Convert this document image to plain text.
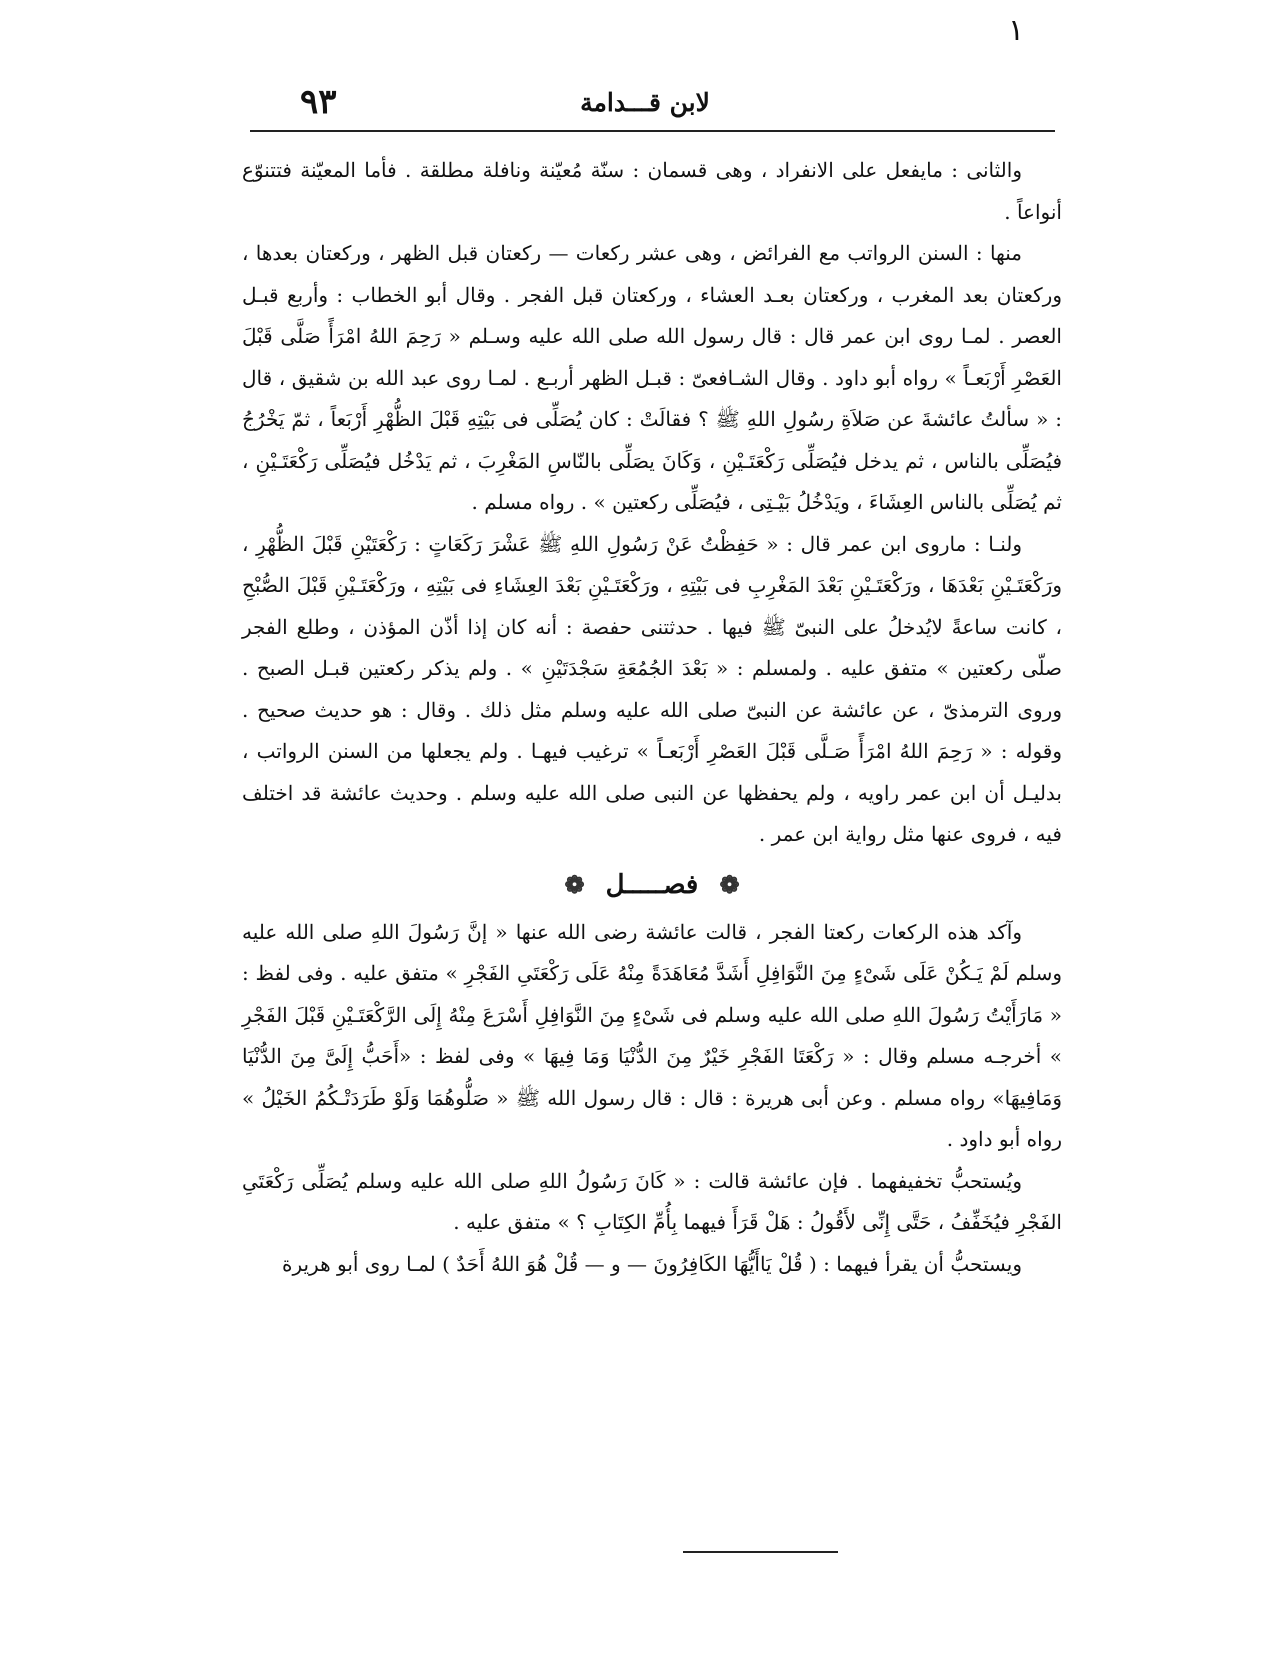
١
٩٣	لابن قـــدامة

والثانى : مايفعل على الانفراد ، وهى قسمان : سنّة مُعيّنة ونافلة مطلقة . فأما المعيّنة فتتنوّع أنواعاً .

منها : السنن الرواتب مع الفرائض ، وهى عشر ركعات — ركعتان قبل الظهر ، وركعتان بعدها ، وركعتان بعد المغرب ، وركعتان بعـد العشاء ، وركعتان قبل الفجر . وقال أبو الخطاب : وأربع قبـل العصر . لمـا روى ابن عمر قال : قال رسول الله صلى الله عليه وسـلم « رَحِمَ اللهُ امْرَأً صَلَّى قَبْلَ العَصْرِ أَرْبَعـاً » رواه أبو داود . وقال الشـافعىّ : قبـل الظهر أربـع . لمـا روى عبد الله بن شقيق ، قال : « سألتُ عائشةَ عن صَلاَةِ رسُولِ اللهِ ﷺ ؟ فقالَتْ : كان يُصَلِّى فى بَيْتِهِ قَبْلَ الظُّهْرِ أَرْبَعاً ، ثمّ يَخْرُجُ فيُصَلِّى بالناس ، ثم يدخل فيُصَلِّى رَكْعَتَـيْنِ ، وَكَانَ يصَلِّى بالنّاسِ المَغْرِبَ ، ثم يَدْخُل فيُصَلِّى رَكْعَتَـيْنِ ، ثم يُصَلِّى بالناس العِشَاءَ ، ويَدْخُلُ بَيْـتِى ، فيُصَلِّى ركعتين » . رواه مسلم .

ولنـا : ماروى ابن عمر قال : « حَفِظْتُ عَنْ رَسُولِ اللهِ ﷺ عَشْرَ رَكَعَاتٍ : رَكْعَتَيْنِ قَبْلَ الظُّهْرِ ، ورَكْعَتَـيْنِ بَعْدَهَا ، ورَكْعَتَـيْنِ بَعْدَ المَغْرِبِ فى بَيْتِهِ ، ورَكْعَتَـيْنِ بَعْدَ العِشَاءِ فى بَيْتِهِ ، ورَكْعَتَـيْنِ قَبْلَ الصُّبْحِ ، كانت ساعةً لايُدخلُ على النبىّ ﷺ فيها . حدثتنى حفصة : أنه كان إذا أذّن المؤذن ، وطلع الفجر صلّى ركعتين » متفق عليه . ولمسلم : « بَعْدَ الجُمُعَةِ سَجْدَتَيْنِ » . ولم يذكر ركعتين قبـل الصبح . وروى الترمذىّ ، عن عائشة عن النبىّ صلى الله عليه وسلم مثل ذلك . وقال : هو حديث صحيح . وقوله : « رَحِمَ اللهُ امْرَأً صَـلَّى قَبْلَ العَصْرِ أَرْبَعـاً » ترغيب فيهـا . ولم يجعلها من السنن الرواتب ، بدليـل أن ابن عمر راويه ، ولم يحفظها عن النبى صلى الله عليه وسلم . وحديث عائشة قد اختلف فيه ، فروى عنها مثل رواية ابن عمر .

❁ فصـــــل ❁

وآكد هذه الركعات ركعتا الفجر ، قالت عائشة رضى الله عنها « إنَّ رَسُولَ اللهِ صلى الله عليه وسلم لَمْ يَـكُنْ عَلَى شَىْءٍ مِنَ النَّوَافِلِ أَشَدَّ مُعَاهَدَةً مِنْهُ عَلَى رَكْعَتَىِ الفَجْرِ » متفق عليه . وفى لفظ : « مَارَأَيْتُ رَسُولَ اللهِ صلى الله عليه وسلم فى شَىْءٍ مِنَ النَّوَافِلِ أَسْرَعَ مِنْهُ إِلَى الرَّكْعَتَـيْنِ قَبْلَ الفَجْرِ » أخرجـه مسلم وقال : « رَكْعَتَا الفَجْرِ خَيْرٌ مِنَ الدُّنْيَا وَمَا فِيهَا » وفى لفظ : «أَحَبُّ إِلَىَّ مِنَ الدُّنْيَا وَمَافِيهَا» رواه مسلم . وعن أبى هريرة : قال : قال رسول الله ﷺ « صَلُّوهُمَا وَلَوْ طَرَدَتْـكُمُ الخَيْلُ » رواه أبو داود .

ويُستحبُّ تخفيفهما . فإن عائشة قالت : « كَانَ رَسُولُ اللهِ صلى الله عليه وسلم يُصَلِّى رَكْعَتَىِ الفَجْرِ فيُخَفِّفُ ، حَتَّى إِنِّى لأَقُولُ : هَلْ قَرَأَ فيهما بِأُمِّ الكِتَابِ ؟ » متفق عليه .

ويستحبُّ أن يقرأ فيهما : ( قُلْ يَاأَيُّهَا الكَافِرُونَ — و — قُلْ هُوَ اللهُ أَحَدٌ ) لمـا روى أبو هريرة
